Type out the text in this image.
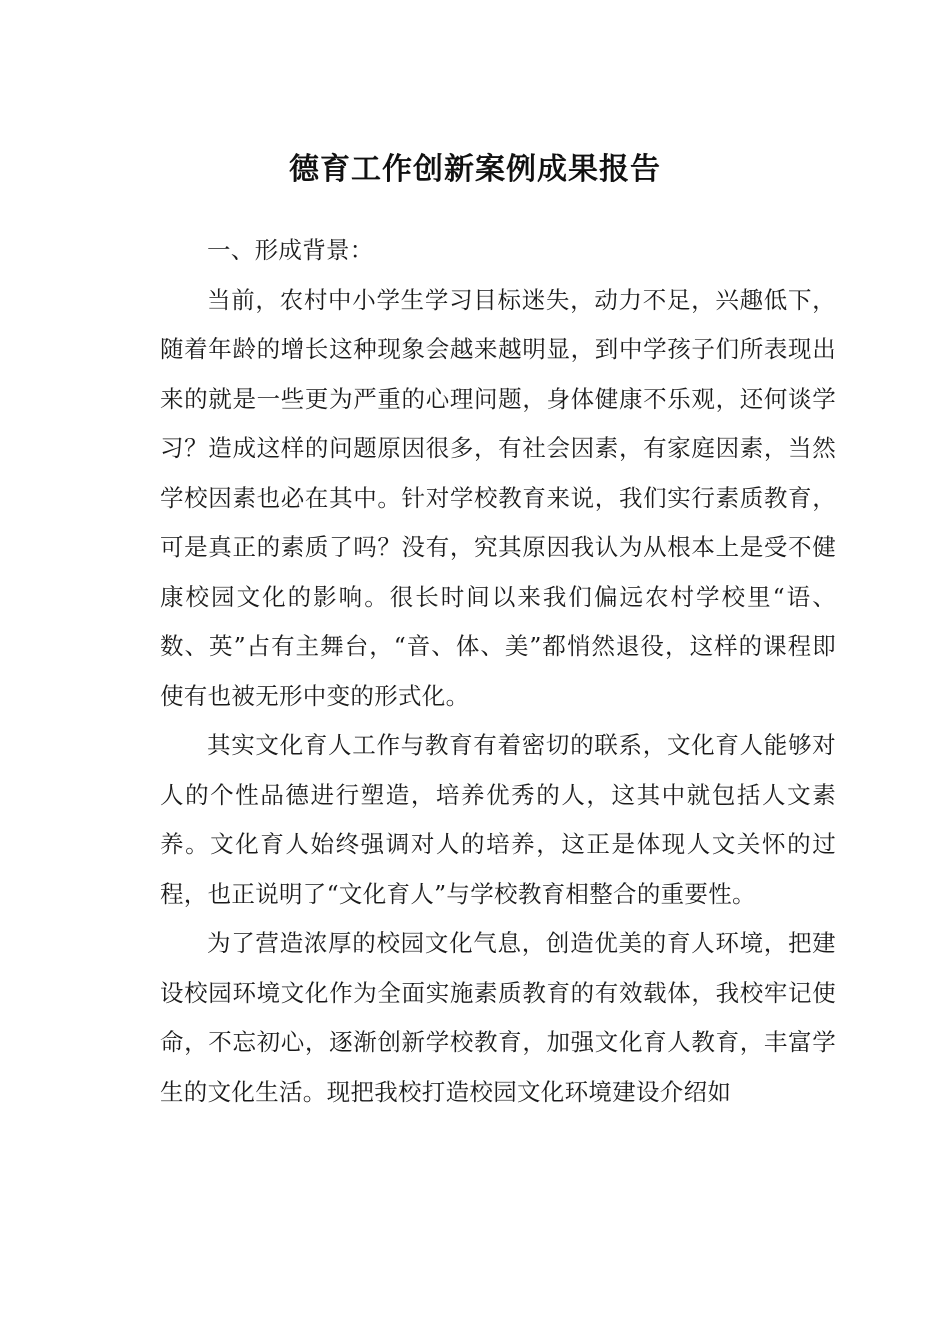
德育工作创新案例成果报告

一、形成背景：

当前，农村中小学生学习目标迷失，动力不足，兴趣低下，随着年龄的增长这种现象会越来越明显，到中学孩子们所表现出来的就是一些更为严重的心理问题，身体健康不乐观，还何谈学习？造成这样的问题原因很多，有社会因素，有家庭因素，当然学校因素也必在其中。针对学校教育来说，我们实行素质教育，可是真正的素质了吗？没有，究其原因我认为从根本上是受不健康校园文化的影响。很长时间以来我们偏远农村学校里“语、数、英”占有主舞台，“音、体、美”都悄然退役，这样的课程即使有也被无形中变的形式化。

其实文化育人工作与教育有着密切的联系，文化育人能够对人的个性品德进行塑造，培养优秀的人，这其中就包括人文素养。文化育人始终强调对人的培养，这正是体现人文关怀的过程，也正说明了“文化育人”与学校教育相整合的重要性。

为了营造浓厚的校园文化气息，创造优美的育人环境，把建设校园环境文化作为全面实施素质教育的有效载体，我校牢记使命，不忘初心，逐渐创新学校教育，加强文化育人教育，丰富学生的文化生活。现把我校打造校园文化环境建设介绍如
